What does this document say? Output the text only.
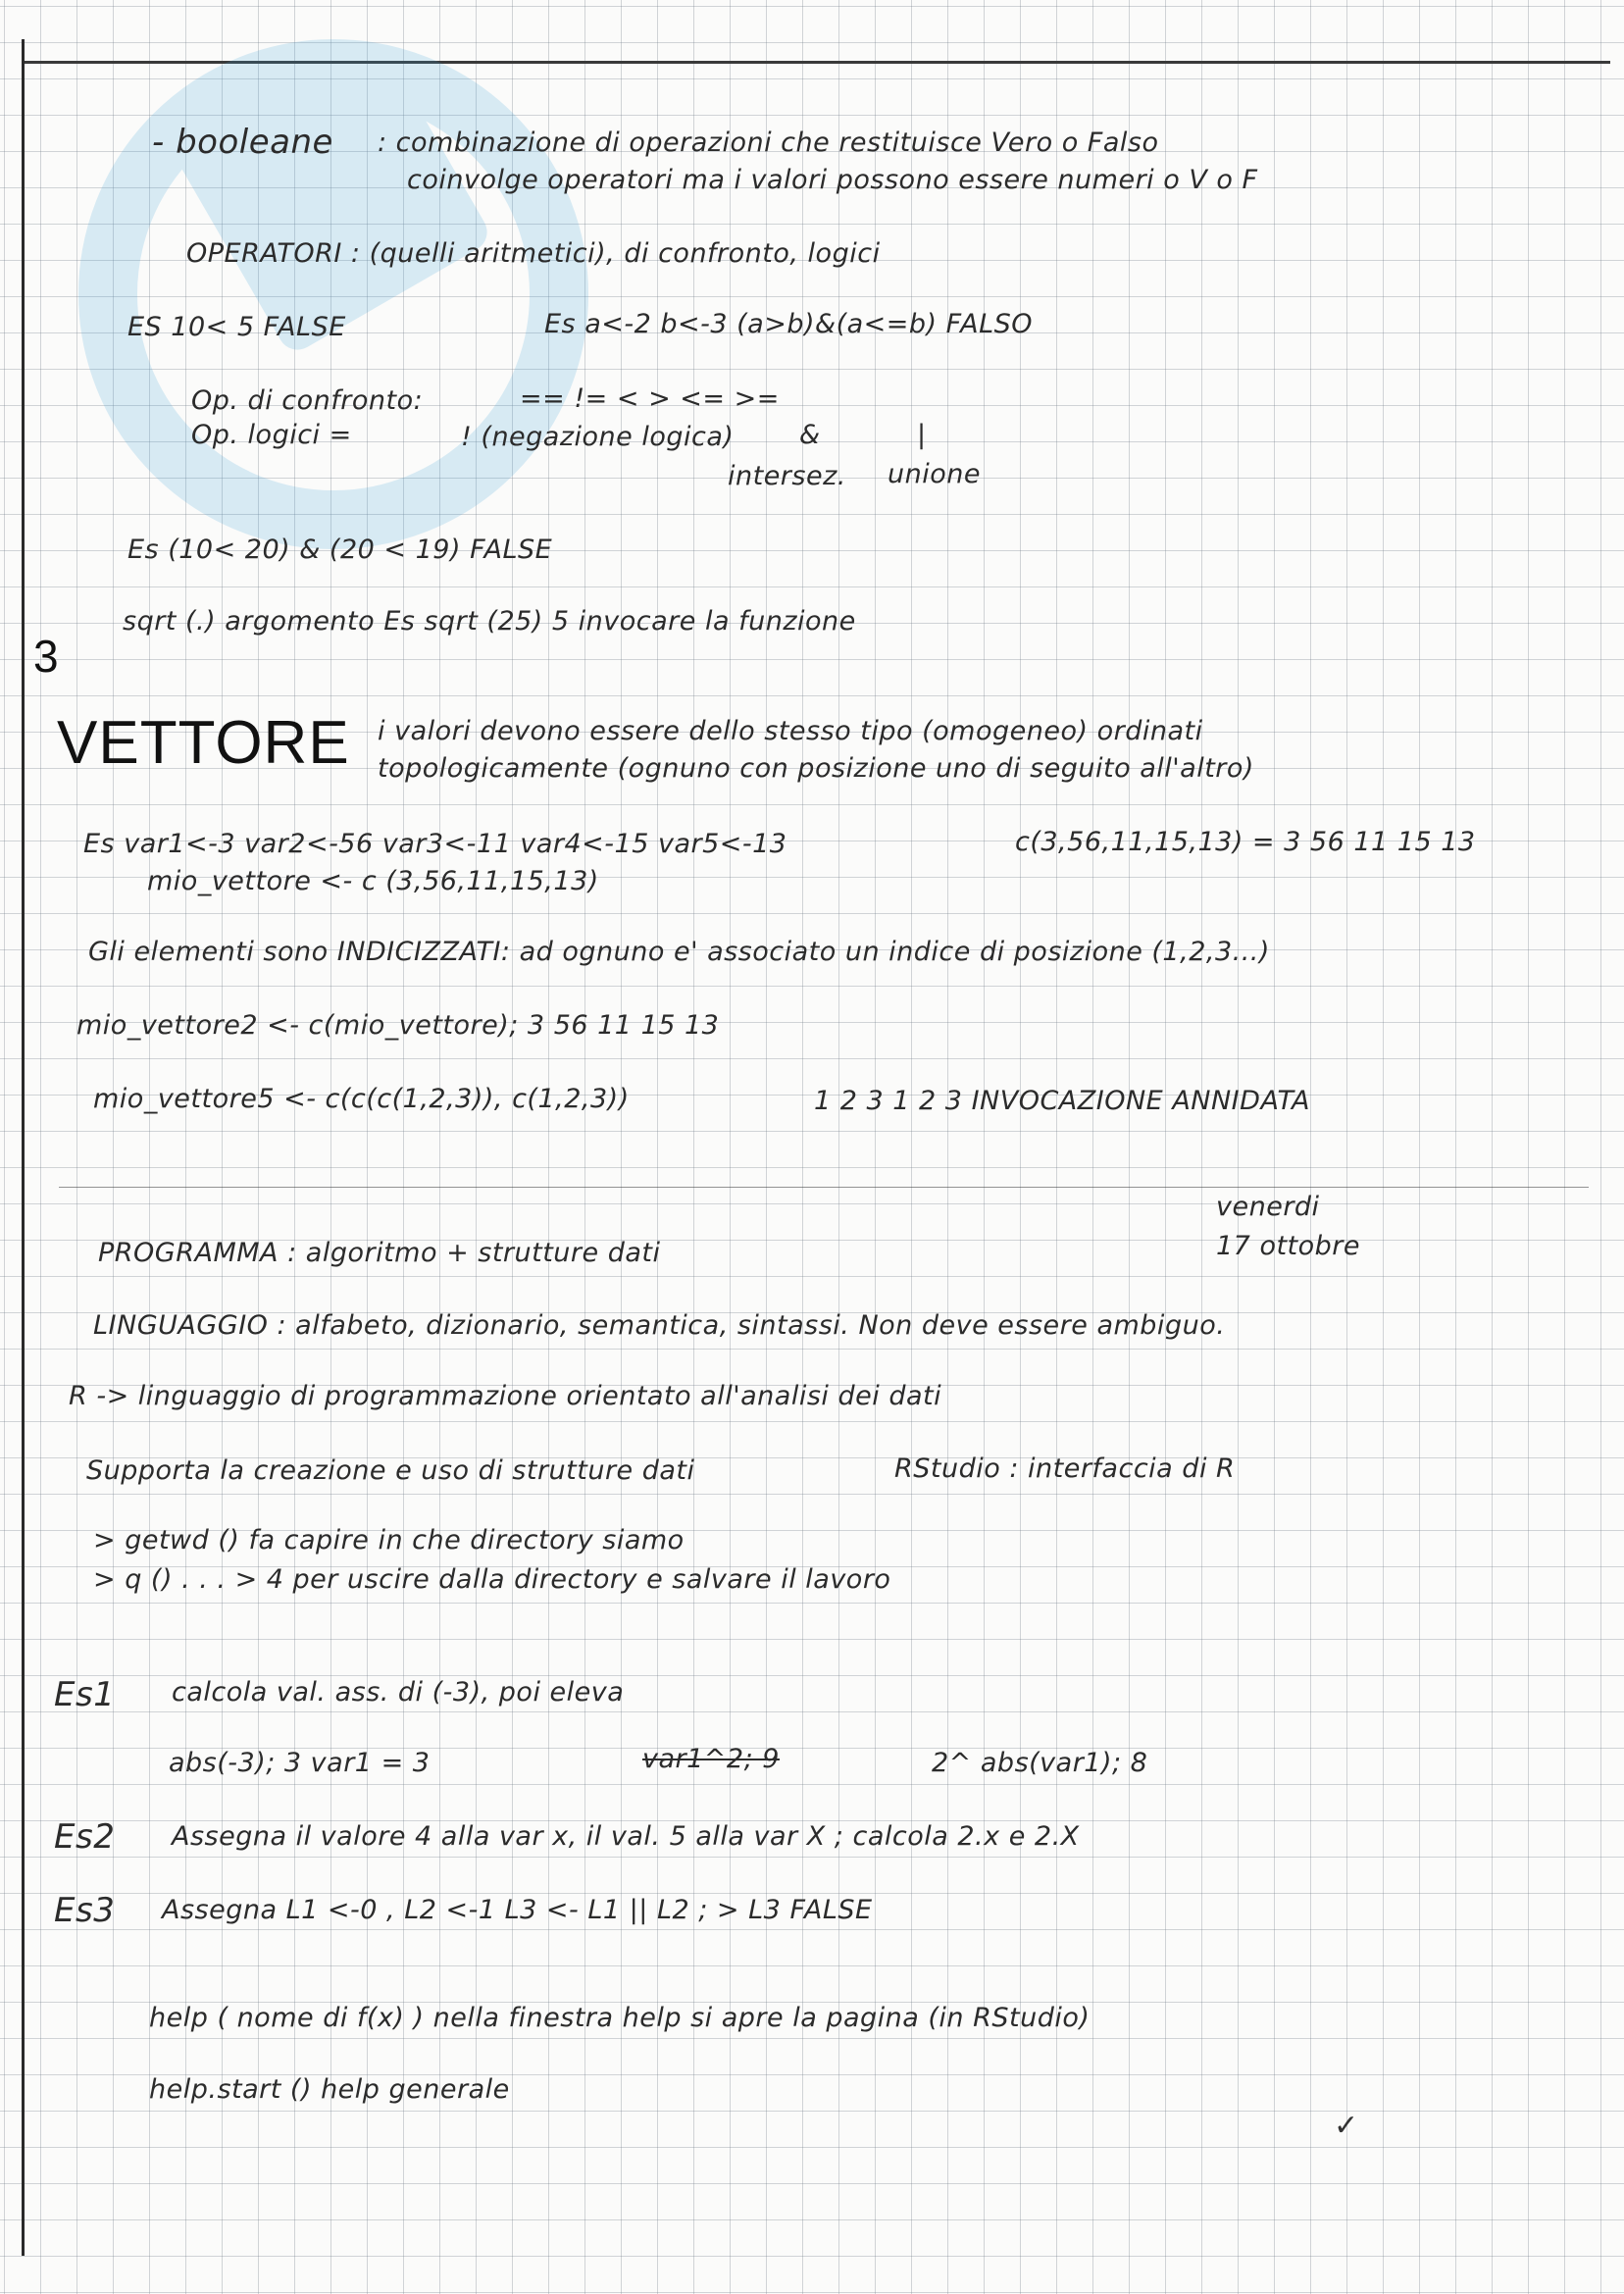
- booleane : combinazione di operazioni che restituisce Vero o Falso
coinvolge operatori ma i valori possono essere numeri o V o F
OPERATORI : (quelli aritmetici), di confronto, logici
ES 10< 5 FALSE	Es a<-2 b<-3 (a>b)&(a<=b) FALSO
Op. di confronto:	== != < > <= >=
Op. logici =	! (negazione logica) &	|
intersez. unione
Es (10< 20) & (20 < 19) FALSE
sqrt (.) argomento Es sqrt (25) 5 invocare la funzione
3
VETTORE i valori devono essere dello stesso tipo (omogeneo) ordinati
topologicamente (ognuno con posizione uno di seguito all'altro)
Es var1<-3 var2<-56 var3<-11 var4<-15 var5<-13	c(3,56,11,15,13) = 3 56 11 15 13
mio_vettore <- c (3,56,11,15,13)
Gli elementi sono INDICIZZATI: ad ognuno e' associato un indice di posizione (1,2,3...)
mio_vettore2 <- c(mio_vettore); 3 56 11 15 13
mio_vettore5 <- c(c(c(1,2,3)), c(1,2,3))	1 2 3 1 2 3 INVOCAZIONE ANNIDATA
venerdi
17 ottobre
PROGRAMMA : algoritmo + strutture dati
LINGUAGGIO : alfabeto, dizionario, semantica, sintassi. Non deve essere ambiguo.
R -> linguaggio di programmazione orientato all'analisi dei dati
Supporta la creazione e uso di strutture dati	RStudio : interfaccia di R
> getwd () fa capire in che directory siamo
> q () . . . > 4 per uscire dalla directory e salvare il lavoro
Es1 calcola val. ass. di (-3), poi eleva
abs(-3); 3 var1 = 3	var1^2; 9	2^ abs(var1); 8
Es2 Assegna il valore 4 alla var x, il val. 5 alla var X ; calcola 2.x e 2.X
Es3 Assegna L1 <-0 , L2 <-1 L3 <- L1 || L2 ; > L3 FALSE
help ( nome di f(x) ) nella finestra help si apre la pagina (in RStudio)
help.start () help generale
✓
